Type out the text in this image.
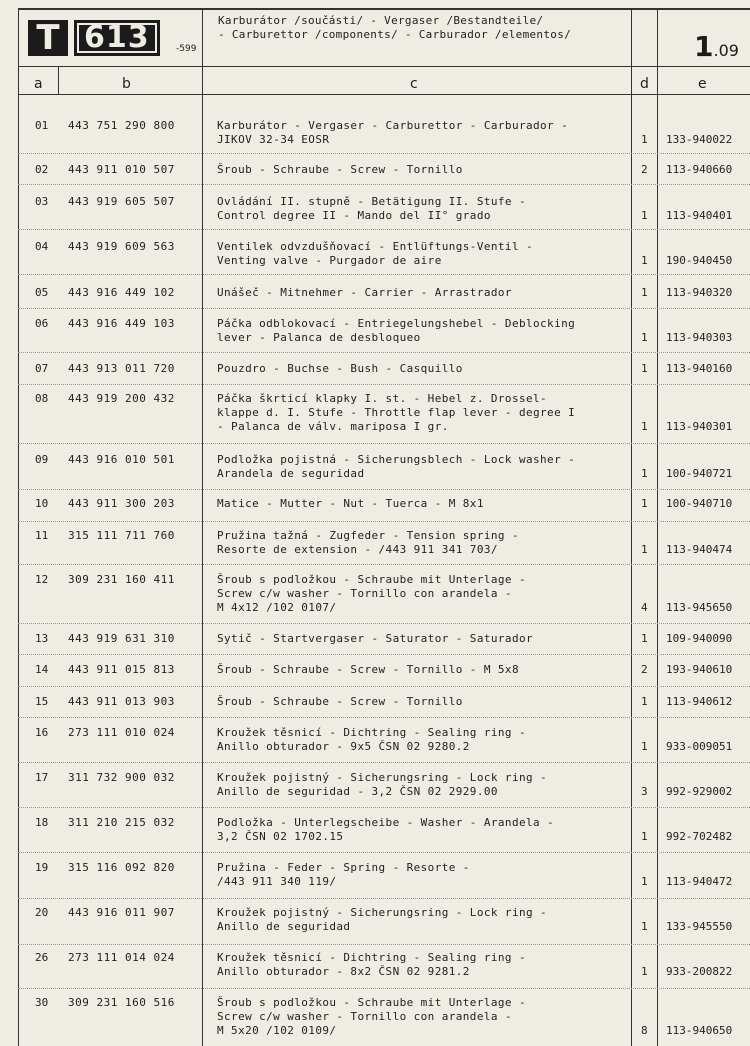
T 613	-599
Karburátor /součásti/ - Vergaser /Bestandteile/
- Carburettor /components/ - Carburador /elementos/	1.09
a	b	c	d	e
01 443 751 290 800	Karburátor - Vergaser - Carburettor - Carburador -
JIKOV 32-34 EOSR	1 133-940022
02 443 911 010 507	Šroub - Schraube - Screw - Tornillo	2 113-940660
03 443 919 605 507	Ovládání II. stupně - Betätigung II. Stufe -
Control degree II - Mando del II° grado	1 113-940401
04 443 919 609 563	Ventilek odvzdušňovací - Entlüftungs-Ventil -
Venting valve - Purgador de aire	1 190-940450
05 443 916 449 102	Unášeč - Mitnehmer - Carrier - Arrastrador	1 113-940320
06 443 916 449 103	Páčka odblokovací - Entriegelungshebel - Deblocking
lever - Palanca de desbloqueo	1 113-940303
07 443 913 011 720	Pouzdro - Buchse - Bush - Casquillo	1 113-940160
08 443 919 200 432	Páčka škrticí klapky I. st. - Hebel z. Drossel-
klappe d. I. Stufe - Throttle flap lever - degree I
- Palanca de válv. mariposa I gr.	1 113-940301
09 443 916 010 501	Podložka pojistná - Sicherungsblech - Lock washer -
Arandela de seguridad	1 100-940721
10 443 911 300 203	Matice - Mutter - Nut - Tuerca - M 8x1	1 100-940710
11 315 111 711 760	Pružina tažná - Zugfeder - Tension spring -
Resorte de extension - /443 911 341 703/	1 113-940474
12 309 231 160 411	Šroub s podložkou - Schraube mit Unterlage -
Screw c/w washer - Tornillo con arandela -
M 4x12 /102 0107/	4 113-945650
13 443 919 631 310	Sytič - Startvergaser - Saturator - Saturador	1 109-940090
14 443 911 015 813	Šroub - Schraube - Screw - Tornillo - M 5x8	2 193-940610
15 443 911 013 903	Šroub - Schraube - Screw - Tornillo	1 113-940612
16 273 111 010 024	Kroužek těsnicí - Dichtring - Sealing ring -
Anillo obturador - 9x5 ČSN 02 9280.2	1 933-009051
17 311 732 900 032	Kroužek pojistný - Sicherungsring - Lock ring -
Anillo de seguridad - 3,2 ČSN 02 2929.00	3 992-929002
18 311 210 215 032	Podložka - Unterlegscheibe - Washer - Arandela -
3,2 ČSN 02 1702.15	1 992-702482
19 315 116 092 820	Pružina - Feder - Spring - Resorte -
/443 911 340 119/	1 113-940472
20 443 916 011 907	Kroužek pojistný - Sicherungsring - Lock ring -
Anillo de seguridad	1 133-945550
26 273 111 014 024	Kroužek těsnicí - Dichtring - Sealing ring -
Anillo obturador - 8x2 ČSN 02 9281.2	1 933-200822
30 309 231 160 516	Šroub s podložkou - Schraube mit Unterlage -
Screw c/w washer - Tornillo con arandela -
M 5x20 /102 0109/	8 113-940650
